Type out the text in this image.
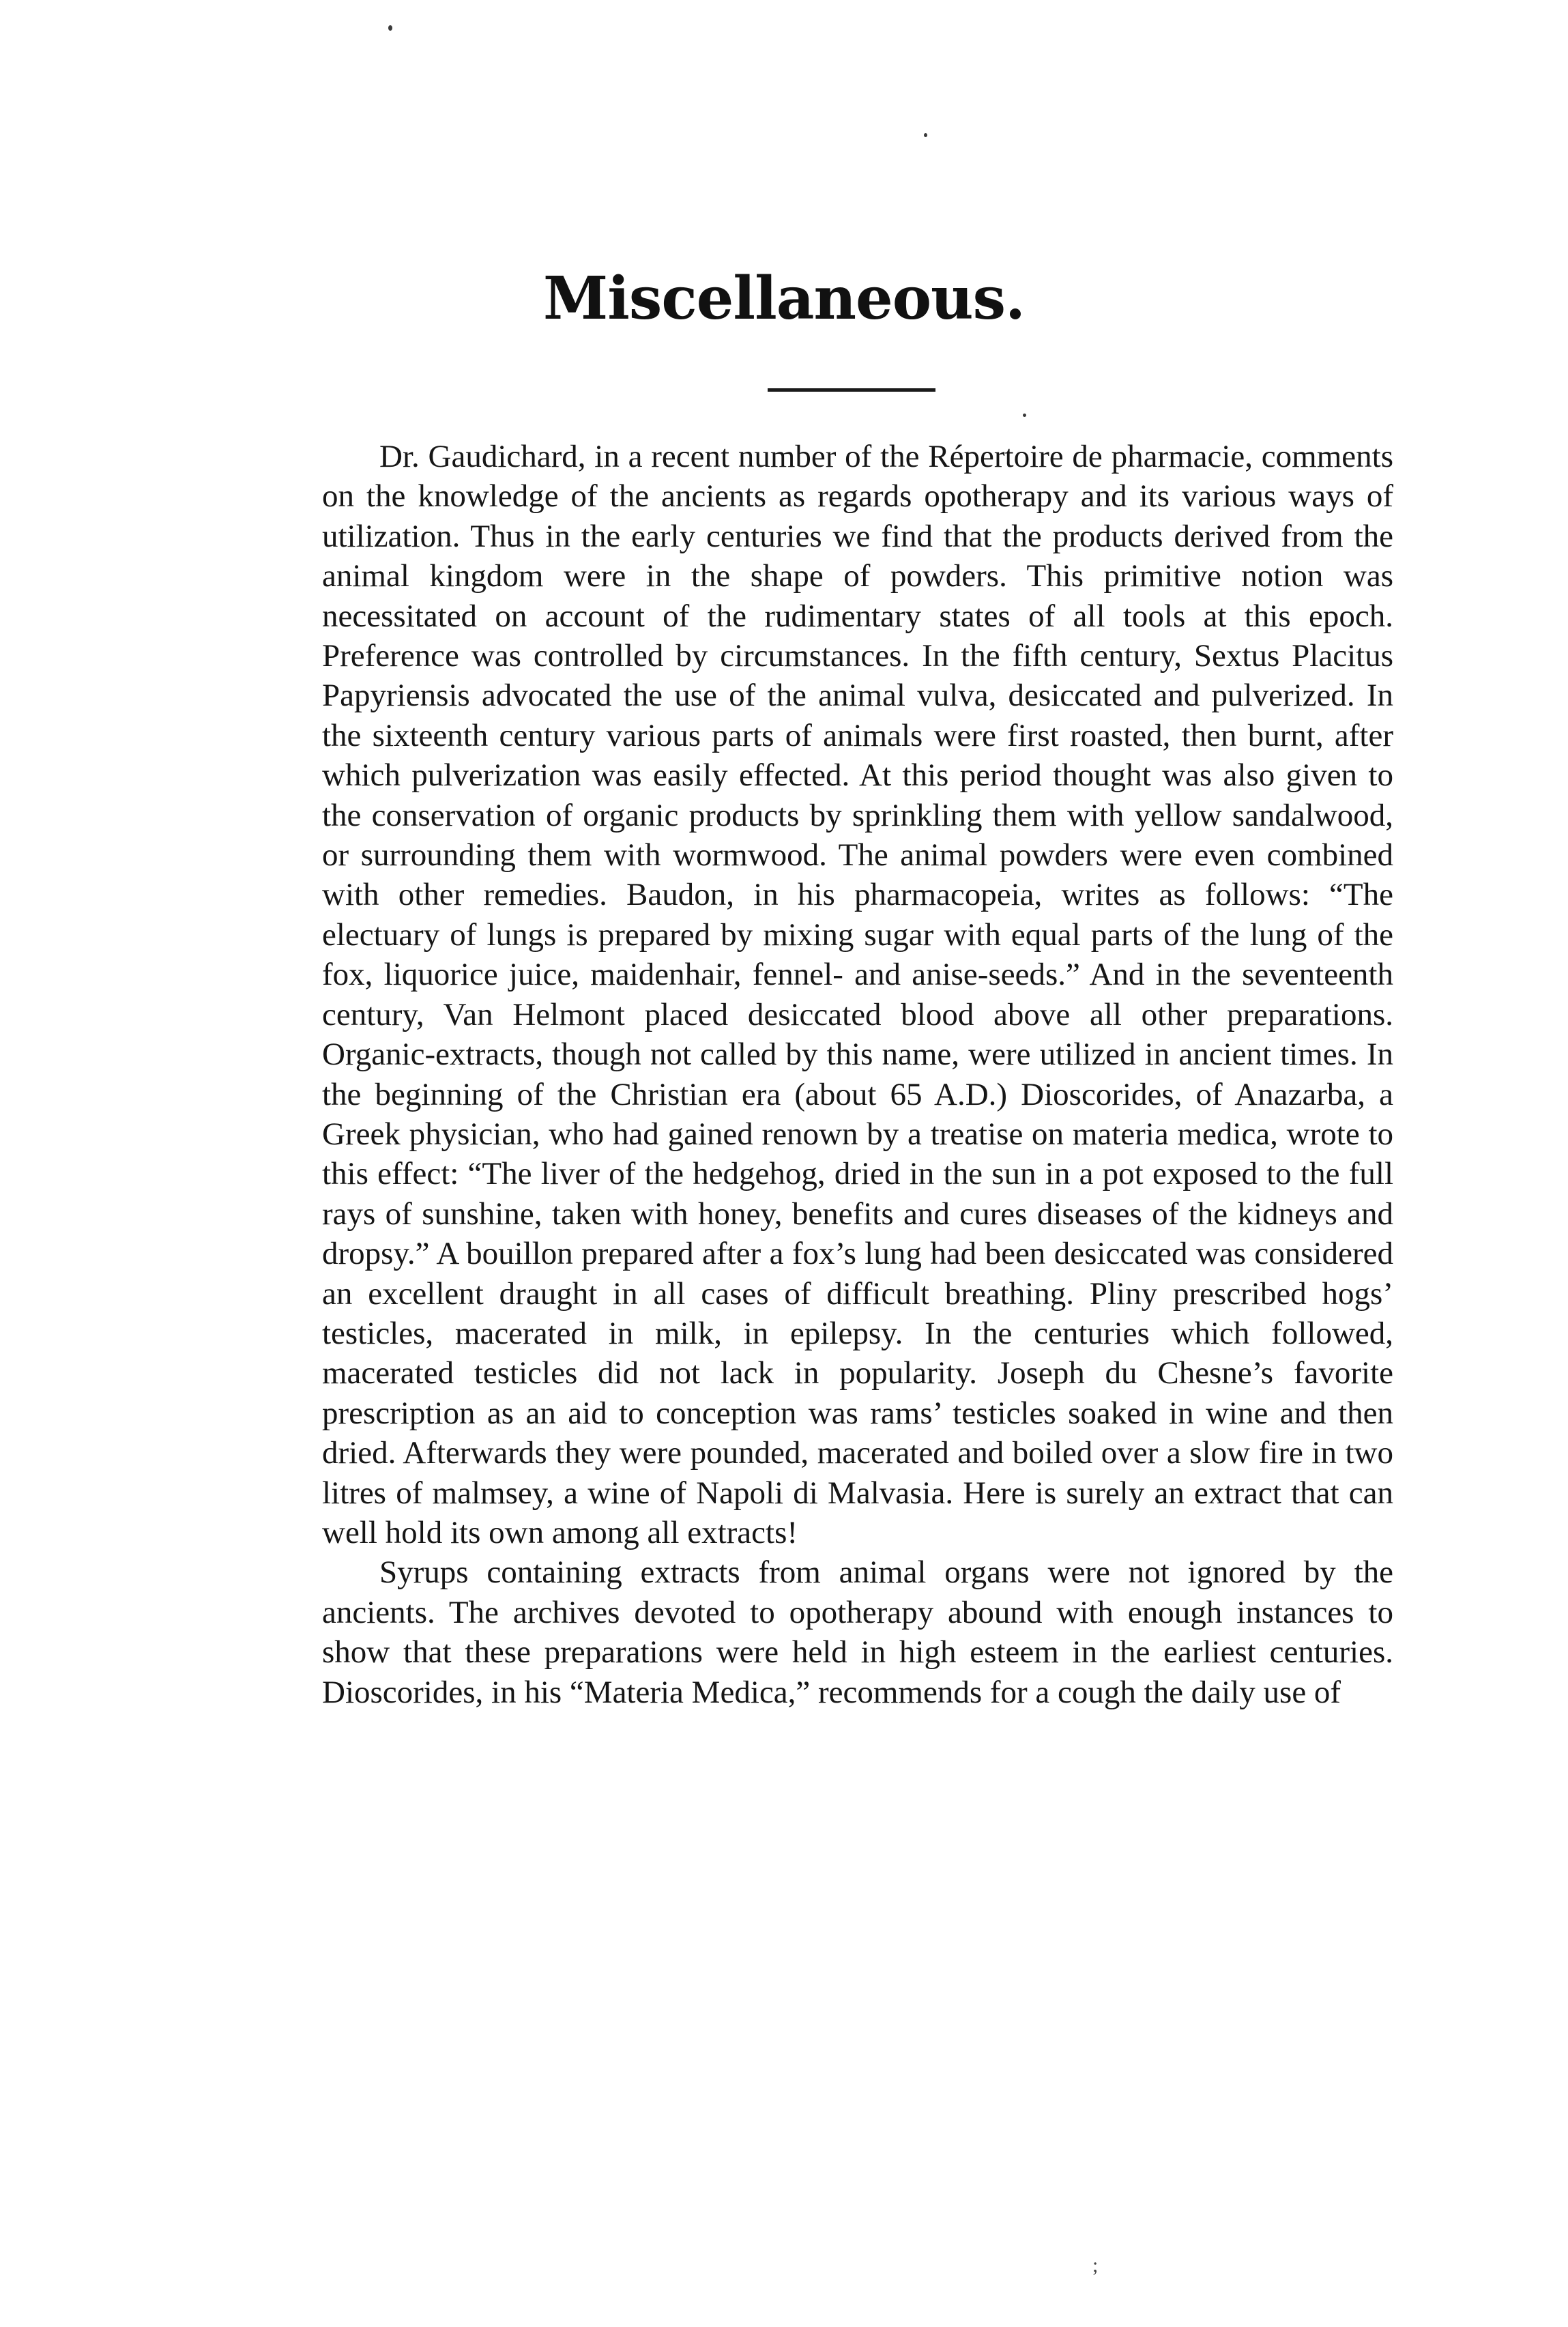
Miscellaneous.

Dr. Gaudichard, in a recent number of the Répertoire de pharmacie, comments on the knowledge of the ancients as regards opotherapy and its various ways of utilization. Thus in the early centuries we find that the products derived from the animal kingdom were in the shape of powders. This primitive notion was necessitated on account of the rudimentary states of all tools at this epoch. Preference was controlled by circumstances. In the fifth century, Sextus Placitus Papyriensis advocated the use of the animal vulva, desiccated and pulverized. In the sixteenth century various parts of animals were first roasted, then burnt, after which pulverization was easily effected. At this period thought was also given to the conservation of organic products by sprinkling them with yellow sandalwood, or surrounding them with wormwood. The animal powders were even combined with other remedies. Baudon, in his pharmacopeia, writes as follows: “The electuary of lungs is prepared by mixing sugar with equal parts of the lung of the fox, liquorice juice, maidenhair, fennel- and anise-seeds.” And in the seventeenth century, Van Helmont placed desiccated blood above all other preparations. Organic-extracts, though not called by this name, were utilized in ancient times. In the beginning of the Christian era (about 65 A.D.) Dioscorides, of Anazarba, a Greek physician, who had gained renown by a treatise on materia medica, wrote to this effect: “The liver of the hedgehog, dried in the sun in a pot exposed to the full rays of sunshine, taken with honey, benefits and cures diseases of the kidneys and dropsy.” A bouillon prepared after a fox’s lung had been desiccated was considered an excellent draught in all cases of difficult breathing. Pliny prescribed hogs’ testicles, macerated in milk, in epilepsy. In the centuries which followed, macerated testicles did not lack in popularity. Joseph du Chesne’s favorite prescription as an aid to conception was rams’ testicles soaked in wine and then dried. Afterwards they were pounded, macerated and boiled over a slow fire in two litres of malmsey, a wine of Napoli di Malvasia. Here is surely an extract that can well hold its own among all extracts!

Syrups containing extracts from animal organs were not ignored by the ancients. The archives devoted to opotherapy abound with enough instances to show that these preparations were held in high esteem in the earliest centuries. Dioscorides, in his “Materia Medica,” recommends for a cough the daily use of

;
